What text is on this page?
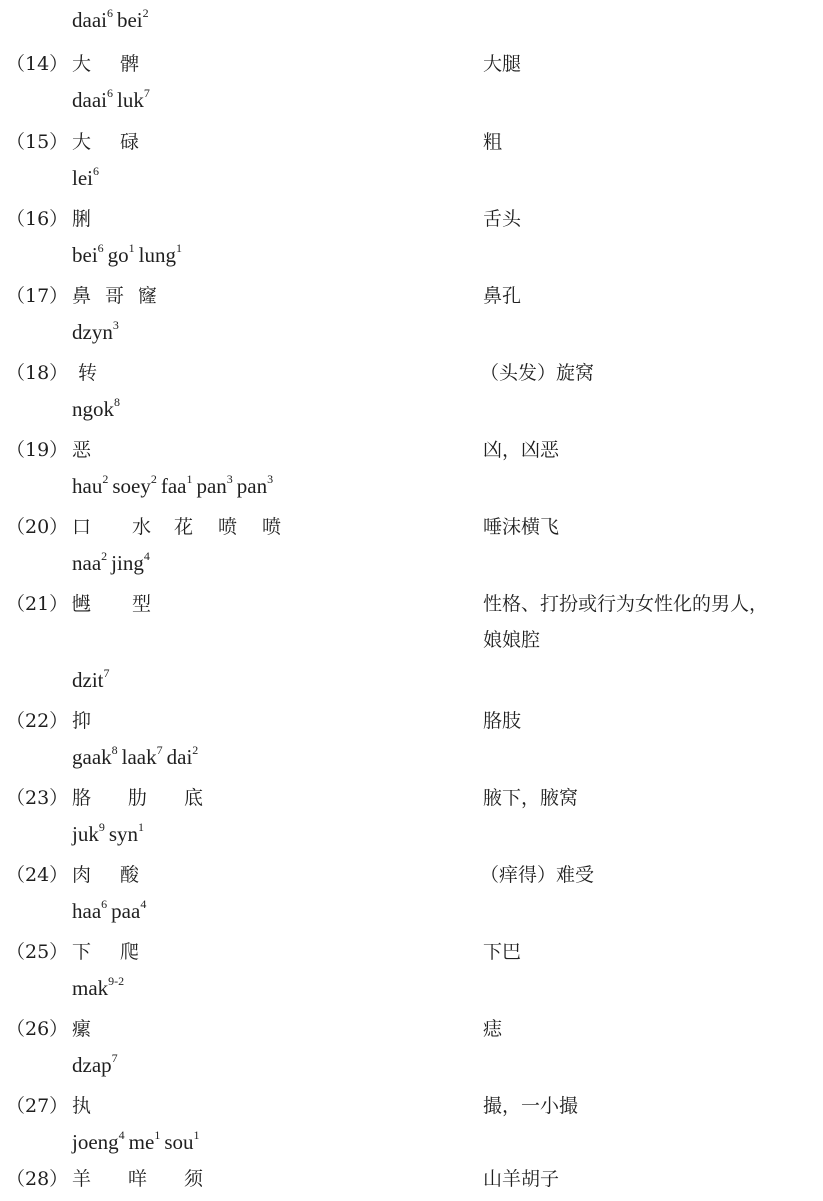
daai$^6$ bei$^2$
（14） 大 髀	大腿
daai$^6$ luk$^7$
（15） 大 碌	粗
lei$^6$
（16） 脷	舌头
bei$^6$ $go^1$ lung$^1$
（17） 鼻 哥 窿	鼻孔
dzyn$^3$
（18） 转	（头发）旋窝
ngok$^8$
（19） 恶	凶，凶恶
hau$^2$ soey$^2$ faa$^1$ pan$^3$ pan$^3$
（20） 口 水 花 喷 喷	唾沫横飞
naa$^2$ jing$^4$
（21） 乸 型	性格、打扮或行为女性化的男人，
娘娘腔
dzit$^7$
（22） 抑	胳肢
gaak$^8$ laak$^7$ dai$^2$
（23） 胳 肋 底	腋下，腋窝
juk$^9$ syn$^1$
（24） 肉 酸	（痒得）难受
haa$^6$ paa$^4$
（25） 下 爬	下巴
mak$^{9-2}$
（26） 瘰	痣
dzap$^7$
（27） 执	撮，一小撮
joeng$^4$ $me^1$ sou$^1$
（28） 羊 咩 须	山羊胡子
